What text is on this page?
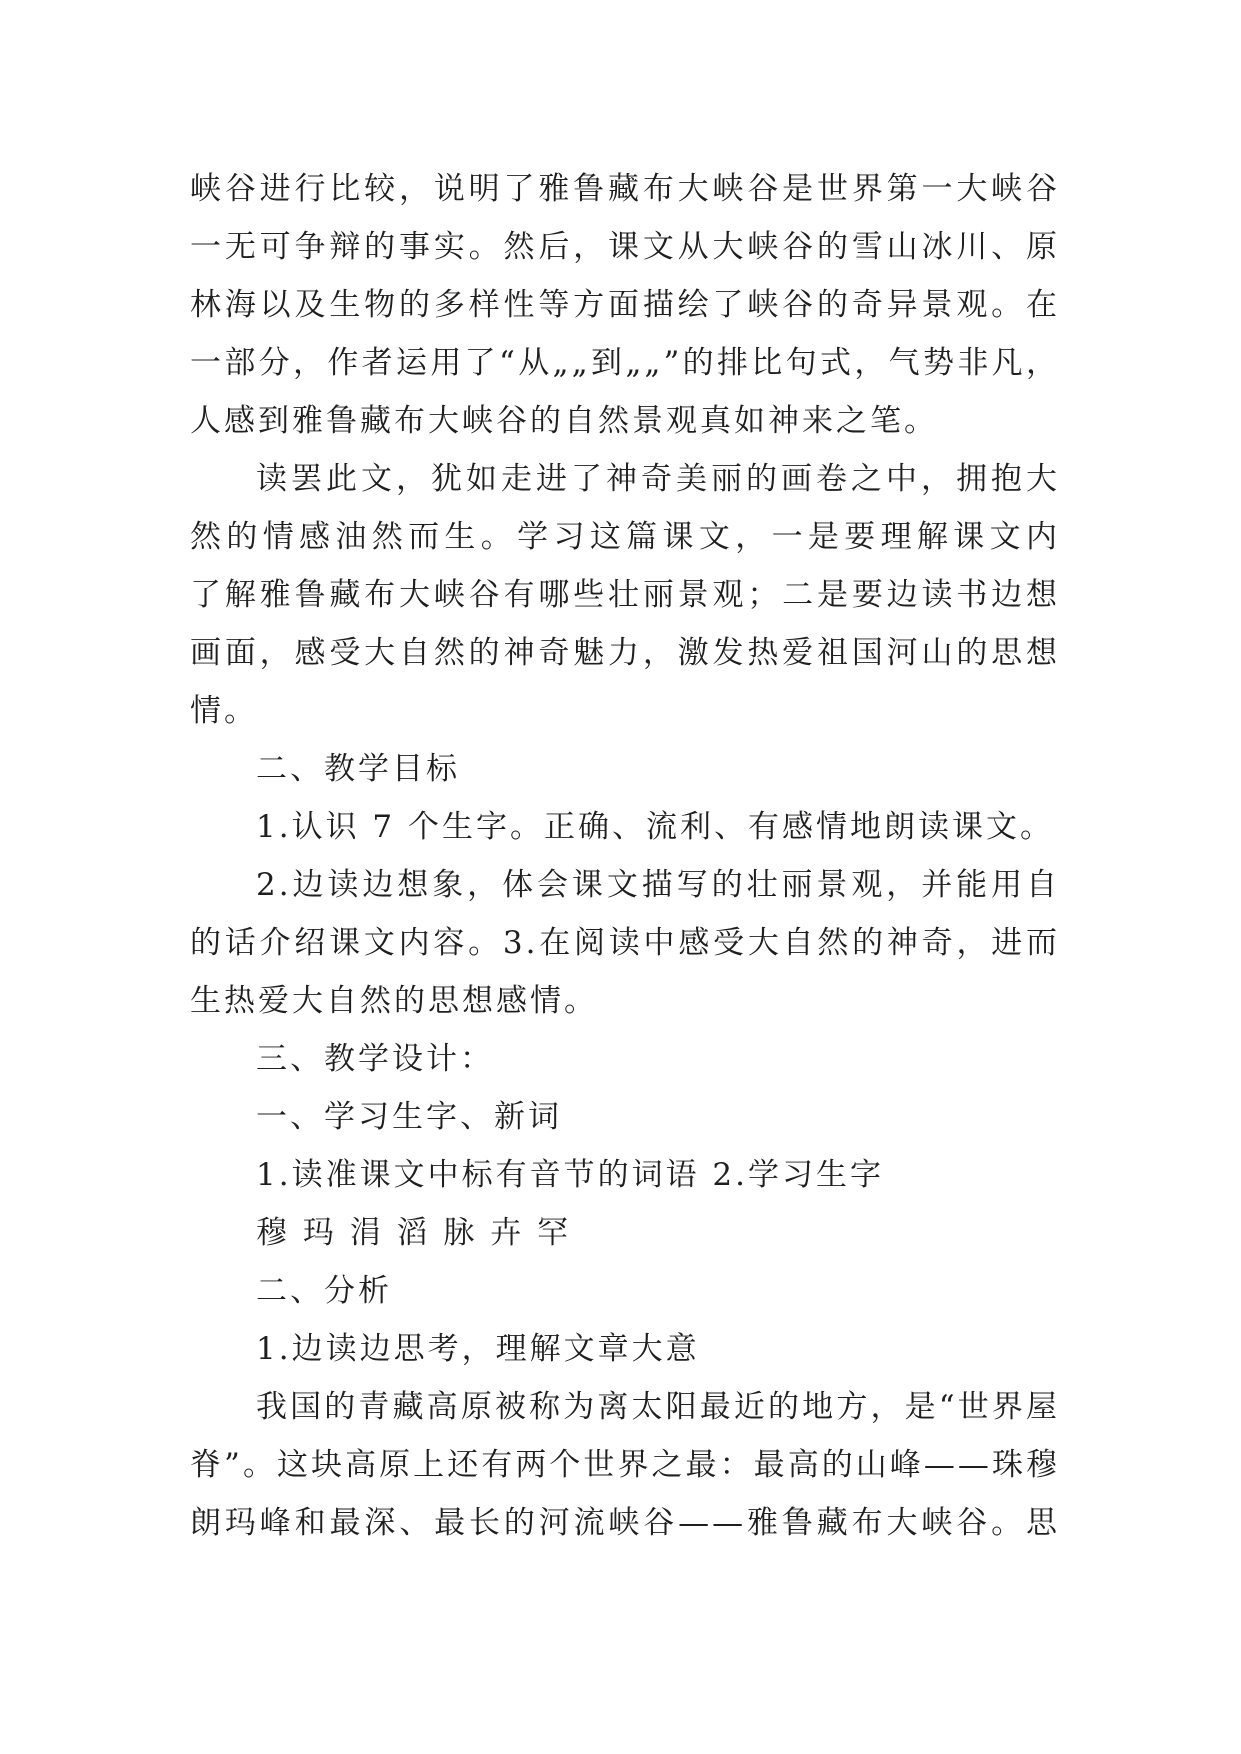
峡谷进行比较，说明了雅鲁藏布大峡谷是世界第一大峡谷
一无可争辩的事实。然后，课文从大峡谷的雪山冰川、原
林海以及生物的多样性等方面描绘了峡谷的奇异景观。在
一部分，作者运用了“从„„到„„”的排比句式，气势非凡，
人感到雅鲁藏布大峡谷的自然景观真如神来之笔。
读罢此文，犹如走进了神奇美丽的画卷之中，拥抱大
然的情感油然而生。学习这篇课文，一是要理解课文内
了解雅鲁藏布大峡谷有哪些壮丽景观；二是要边读书边想
画面，感受大自然的神奇魅力，激发热爱祖国河山的思想
情。
二、教学目标
1.认识 7 个生字。正确、流利、有感情地朗读课文。
2.边读边想象，体会课文描写的壮丽景观，并能用自
的话介绍课文内容。3.在阅读中感受大自然的神奇，进而
生热爱大自然的思想感情。
三、教学设计：
一、学习生字、新词
1.读准课文中标有音节的词语 2.学习生字
穆 玛 涓 滔 脉 卉 罕
二、分析
1.边读边思考，理解文章大意
我国的青藏高原被称为离太阳最近的地方，是“世界屋
脊”。这块高原上还有两个世界之最：最高的山峰——珠穆
朗玛峰和最深、最长的河流峡谷——雅鲁藏布大峡谷。思
